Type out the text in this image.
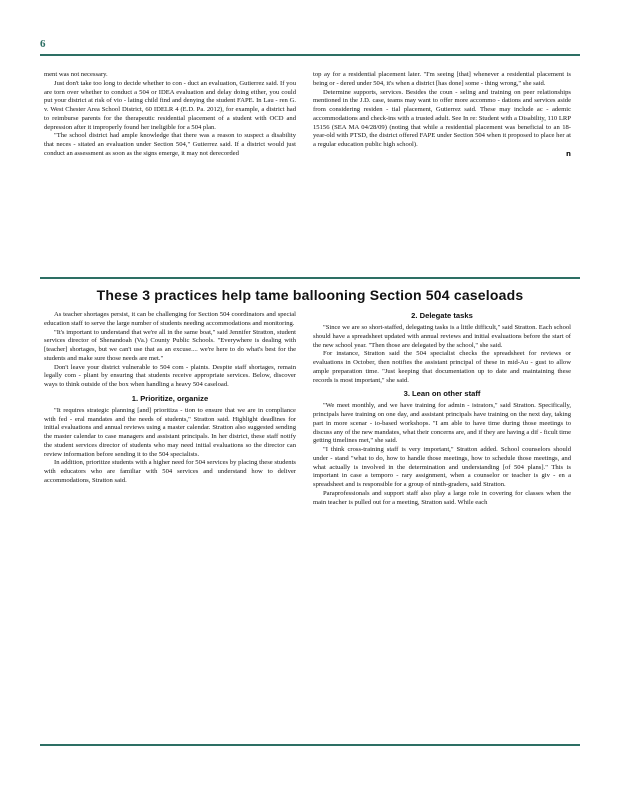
6

ment was not necessary.

Just don't take too long to decide whether to con - duct an evaluation, Gutierrez said. If you are torn over whether to conduct a 504 or IDEA evaluation and delay doing either, you could put your district at risk of vio - lating child find and denying the student FAPE. In Lau - ren G. v. West Chester Area School District, 60 IDELR 4 (E.D. Pa. 2012), for example, a district had to reimburse parents for the therapeutic residential placement of a student with OCD and depression after it improperly found her ineligible for a 504 plan.

"The school district had ample knowledge that there was a reason to suspect a disability that neces - sitated an evaluation under Section 504," Gutierrez said. If a district would just conduct an assessment as soon as the signs emerge, it may not derecorded

top ay for a residential placement later. "I'm seeing [that] whenever a residential placement is being or - dered under 504, it's when a district [has done] some - thing wrong," she said.

Determine supports, services. Besides the coun - seling and training on peer relationships mentioned in the J.D. case, teams may want to offer more accommo - dations and services aside from considering residen - tial placement, Gutierrez said. These may include ac - ademic accommodations and check-ins with a trusted adult. See In re: Student with a Disability, 110 LRP 15156 (SEA MA 04/28/09) (noting that while a residential placement was beneficial to an 18-year-old with PTSD, the district offered FAPE under Section 504 when it proposed to place her at a regular education public high school).

n

These 3 practices help tame ballooning Section 504 caseloads

As teacher shortages persist, it can be challenging for Section 504 coordinators and special education staff to serve the large number of students needing accommodations and monitoring.

"It's important to understand that we're all in the same boat," said Jennifer Stratton, student services director of Shenandoah (Va.) County Public Schools. "Everywhere is dealing with [teacher] shortages, but we can't use that as an excuse.... we're here to do what's best for the students and make sure those needs are met."

Don't leave your district vulnerable to 504 com - plaints. Despite staff shortages, remain legally com - pliant by ensuring that students receive appropriate services. Below, discover ways to think outside of the box when handling a heavy 504 caseload.

1. Prioritize, organize

"It requires strategic planning [and] prioritiza - tion to ensure that we are in compliance with fed - eral mandates and the needs of students," Stratton said. Highlight deadlines for initial evaluations and annual reviews using a master calendar. Stratton also suggested sending the master calendar to case managers and assistant principals. In her district, these staff notify the student services director of students who may need initial evaluations so the director can review information before sending it to the 504 specialists.

In addition, prioritize students with a higher need for 504 services by placing these students with educators who are familiar with 504 services and understand how to deliver accommodations, Stratton said.

2. Delegate tasks

"Since we are so short-staffed, delegating tasks is a little difficult," said Stratton. Each school should have a spreadsheet updated with annual reviews and initial evaluations before the start of the new school year. "Then those are delegated by the school," she said.

For instance, Stratton said the 504 specialist checks the spreadsheet for reviews or evaluations in October, then notifies the assistant principal of these in mid-Au - gust to allow ample preparation time. "Just keeping that documentation up to date and maintaining these records is most important," she said.

3. Lean on other staff

"We meet monthly, and we have training for admin - istrators," said Stratton. Specifically, principals have training on one day, and assistant principals have training on the next day, taking part in more scenar - io-based workshops. "I am able to have time during those meetings to discuss any of the new mandates, what their concerns are, and if they are having a dif - ficult time getting timelines met," she said.

"I think cross-training staff is very important," Stratton added. School counselors should under - stand "what to do, how to handle those meetings, how to schedule those meetings, and what actually is involved in the determination and understanding [of 504 plans]." This is important in case a temporo - rary assignment, when a counselor or teacher is giv - en a spreadsheet and is responsible for a group of ninth-graders, said Stratton.

Paraprofessionals and support staff also play a large role in covering for classes when the main teacher is pulled out for a meeting, Stratton said. While each
